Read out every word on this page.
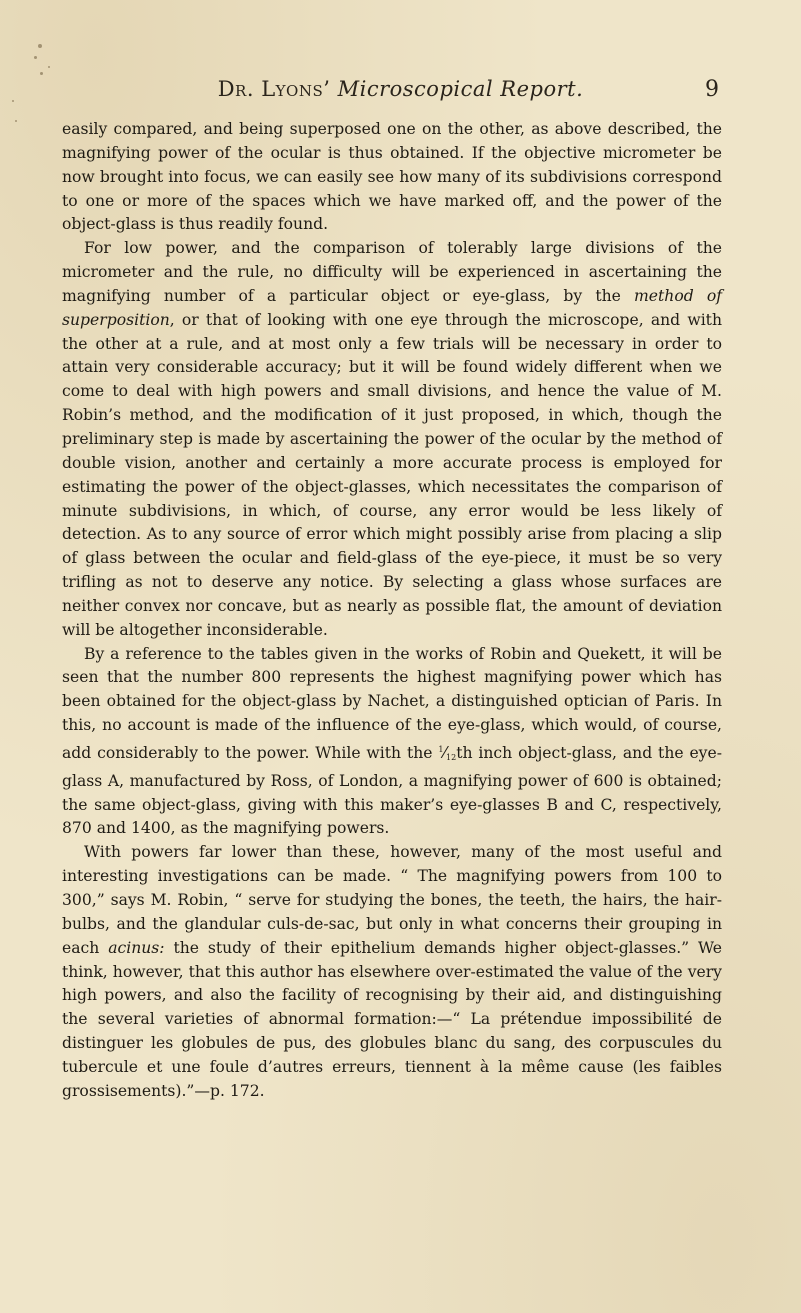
Dr. Lyons’ Microscopical Report.	9

easily compared, and being superposed one on the other, as above described, the magnifying power of the ocular is thus obtained. If the objective micrometer be now brought into focus, we can easily see how many of its subdivisions correspond to one or more of the spaces which we have marked off, and the power of the object-glass is thus readily found.

For low power, and the comparison of tolerably large divisions of the micrometer and the rule, no difficulty will be experienced in ascertaining the magnifying number of a particular object or eye-glass, by the method of superposition, or that of looking with one eye through the microscope, and with the other at a rule, and at most only a few trials will be necessary in order to attain very considerable accuracy; but it will be found widely different when we come to deal with high powers and small divisions, and hence the value of M. Robin’s method, and the modification of it just proposed, in which, though the preliminary step is made by ascertaining the power of the ocular by the method of double vision, another and certainly a more accurate process is employed for estimating the power of the object-glasses, which necessitates the comparison of minute subdivisions, in which, of course, any error would be less likely of detection. As to any source of error which might possibly arise from placing a slip of glass between the ocular and field-glass of the eye-piece, it must be so very trifling as not to deserve any notice. By selecting a glass whose surfaces are neither convex nor concave, but as nearly as possible flat, the amount of deviation will be altogether inconsiderable.

By a reference to the tables given in the works of Robin and Quekett, it will be seen that the number 800 represents the highest magnifying power which has been obtained for the object-glass by Nachet, a distinguished optician of Paris. In this, no account is made of the influence of the eye-glass, which would, of course, add considerably to the power. While with the $^1⁄_{12}th$ inch object-glass, and the eye-glass A, manufactured by Ross, of London, a magnifying power of 600 is obtained; the same object-glass, giving with this maker’s eye-glasses B and C, respectively, 870 and 1400, as the magnifying powers.

With powers far lower than these, however, many of the most useful and interesting investigations can be made. “ The magnifying powers from 100 to 300,” says M. Robin, “ serve for studying the bones, the teeth, the hairs, the hair-bulbs, and the glandular culs-de-sac, but only in what concerns their grouping in each acinus: the study of their epithelium demands higher object-glasses.” We think, however, that this author has elsewhere over-estimated the value of the very high powers, and also the facility of recognising by their aid, and distinguishing the several varieties of abnormal formation:—“ La prétendue impossibilité de distinguer les globules de pus, des globules blanc du sang, des corpuscules du tubercule et une foule d’autres erreurs, tiennent à la même cause (les faibles grossisements).”—p. 172.
